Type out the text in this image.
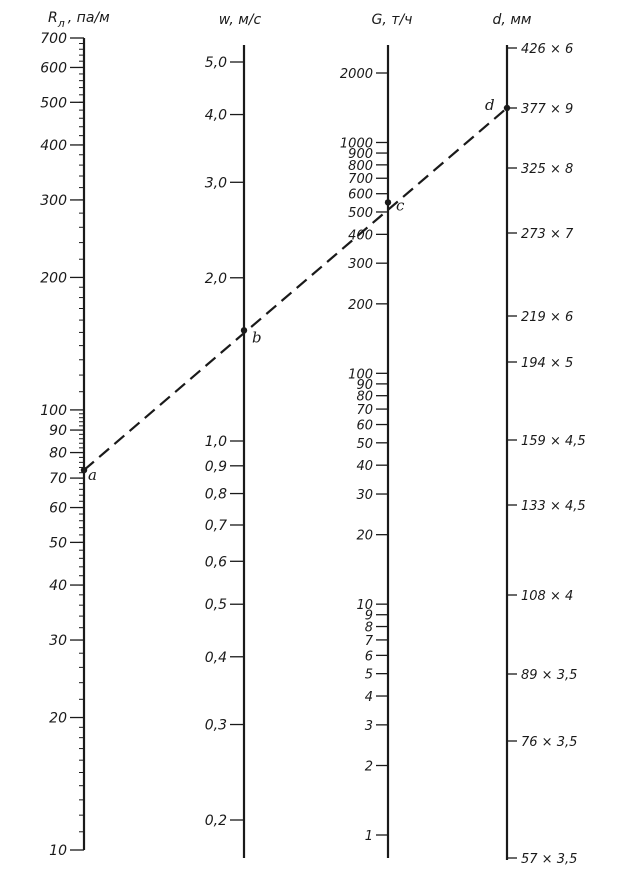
$R_л$ , па/м
10
20
30
40
50
60
70
80
90
100
200
300
400
500
600
700
w, м/с
0,2
0,3
0,4
0,5
0,6
0,7
0,8
0,9
1,0
2,0
3,0
4,0
5,0
G, т/ч
1
2
3
4
5
6
7
8
9
10
20
30
40
50
60
70
80
90
100
200
300
400
500
600
700
800
900
1000
2000
d, мм
57 × 3,5
76 × 3,5
89 × 3,5
108 × 4
133 × 4,5
159 × 4,5
194 × 5
219 × 6
273 × 7
325 × 8
377 × 9
426 × 6
a
b
c
d
